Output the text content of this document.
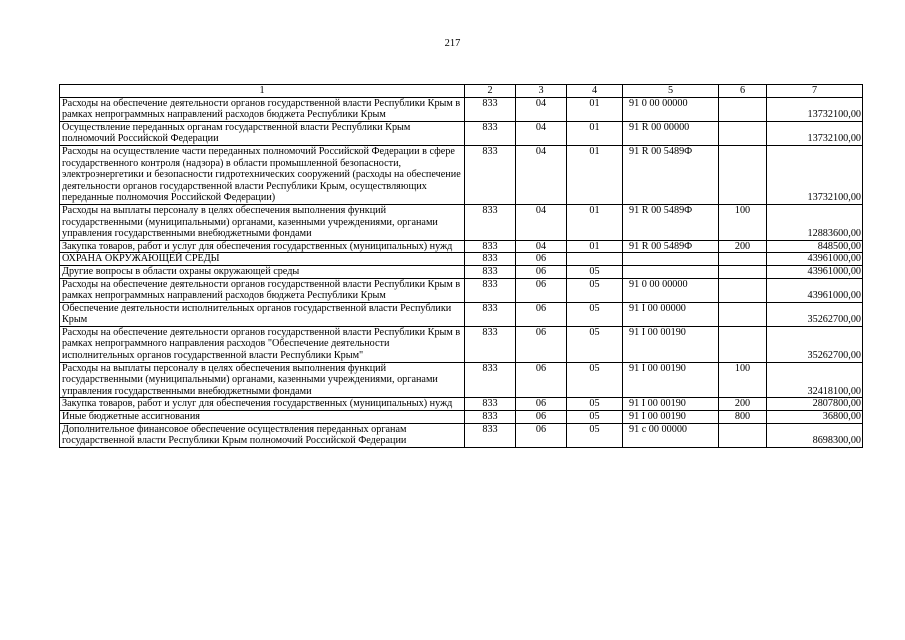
217
1	2	3	4	5	6	7
Расходы на обеспечение деятельности органов государственной власти Республики Крым в рамках непрограммных направлений расходов бюджета Республики Крым	833	04	01	91 0 00 00000		13732100,00
Осуществление переданных органам государственной власти Республики Крым полномочий Российской Федерации	833	04	01	91 R 00 00000		13732100,00
Расходы на осуществление части переданных полномочий Российской Федерации в сфере государственного контроля (надзора) в области промышленной безопасности, электроэнергетики и безопасности гидротехнических сооружений (расходы на обеспечение деятельности органов государственной власти Республики Крым, осуществляющих переданные полномочия Российской Федерации)	833	04	01	91 R 00 5489Ф		13732100,00
Расходы на выплаты персоналу в целях обеспечения выполнения функций государственными (муниципальными) органами, казенными учреждениями, органами управления государственными внебюджетными фондами	833	04	01	91 R 00 5489Ф	100	12883600,00
Закупка товаров, работ и услуг для обеспечения государственных (муниципальных) нужд	833	04	01	91 R 00 5489Ф	200	848500,00
ОХРАНА ОКРУЖАЮЩЕЙ СРЕДЫ	833	06				43961000,00
Другие вопросы в области охраны окружающей среды	833	06	05			43961000,00
Расходы на обеспечение деятельности органов государственной власти Республики Крым в рамках непрограммных направлений расходов бюджета Республики Крым	833	06	05	91 0 00 00000		43961000,00
Обеспечение деятельности исполнительных органов государственной власти Республики Крым	833	06	05	91 I 00 00000		35262700,00
Расходы на обеспечение деятельности органов государственной власти Республики Крым в рамках непрограммного направления расходов "Обеспечение деятельности исполнительных органов государственной власти Республики Крым"	833	06	05	91 I 00 00190		35262700,00
Расходы на выплаты персоналу в целях обеспечения выполнения функций государственными (муниципальными) органами, казенными учреждениями, органами управления государственными внебюджетными фондами	833	06	05	91 I 00 00190	100	32418100,00
Закупка товаров, работ и услуг для обеспечения государственных (муниципальных) нужд	833	06	05	91 I 00 00190	200	2807800,00
Иные бюджетные ассигнования	833	06	05	91 I 00 00190	800	36800,00
Дополнительное финансовое обеспечение осуществления переданных органам государственной власти Республики Крым полномочий Российской Федерации	833	06	05	91 с 00 00000		8698300,00
